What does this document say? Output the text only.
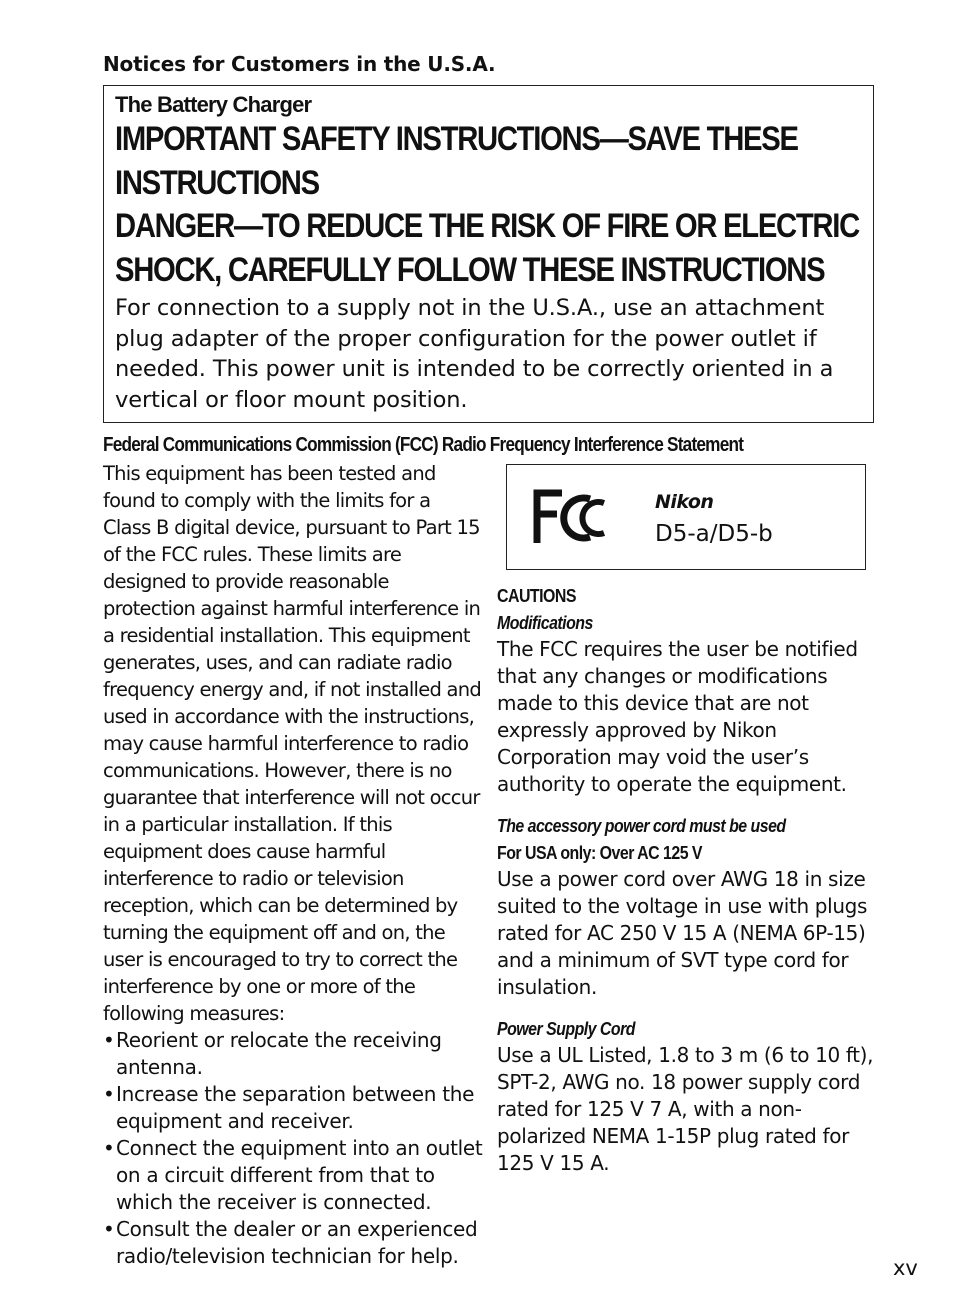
Notices for Customers in the U.S.A.
The Battery Charger
IMPORTANT SAFETY INSTRUCTIONS—SAVE THESE
INSTRUCTIONS
DANGER—TO REDUCE THE RISK OF FIRE OR ELECTRIC
SHOCK, CAREFULLY FOLLOW THESE INSTRUCTIONS
For connection to a supply not in the U.S.A., use an attachment plug adapter of the proper configuration for the power outlet if needed. This power unit is intended to be correctly oriented in a vertical or floor mount position.
Federal Communications Commission (FCC) Radio Frequency Interference Statement

This equipment has been tested and found to comply with the limits for a Class B digital device, pursuant to Part 15 of the FCC rules. These limits are designed to provide reasonable protection against harmful interference in a residential installation. This equipment generates, uses, and can radiate radio frequency energy and, if not installed and used in accordance with the instructions, may cause harmful interference to radio communications. However, there is no guarantee that interference will not occur in a particular installation. If this equipment does cause harmful interference to radio or television reception, which can be determined by turning the equipment off and on, the user is encouraged to try to correct the interference by one or more of the following measures:

• Reorient or relocate the receiving antenna.
• Increase the separation between the equipment and receiver.
• Connect the equipment into an outlet on a circuit different from that to which the receiver is connected.
• Consult the dealer or an experienced radio/television technician for help.
Nikon
D5-a/D5-b
CAUTIONS
Modifications

The FCC requires the user be notified that any changes or modifications made to this device that are not expressly approved by Nikon Corporation may void the user’s authority to operate the equipment.

The accessory power cord must be used
For USA only: Over AC 125 V

Use a power cord over AWG 18 in size suited to the voltage in use with plugs rated for AC 250 V 15 A (NEMA 6P-15) and a minimum of SVT type cord for insulation.

Power Supply Cord

Use a UL Listed, 1.8 to 3 m (6 to 10 ft), SPT-2, AWG no. 18 power supply cord rated for 125 V 7 A, with a non-polarized NEMA 1-15P plug rated for 125 V 15 A.

xv
